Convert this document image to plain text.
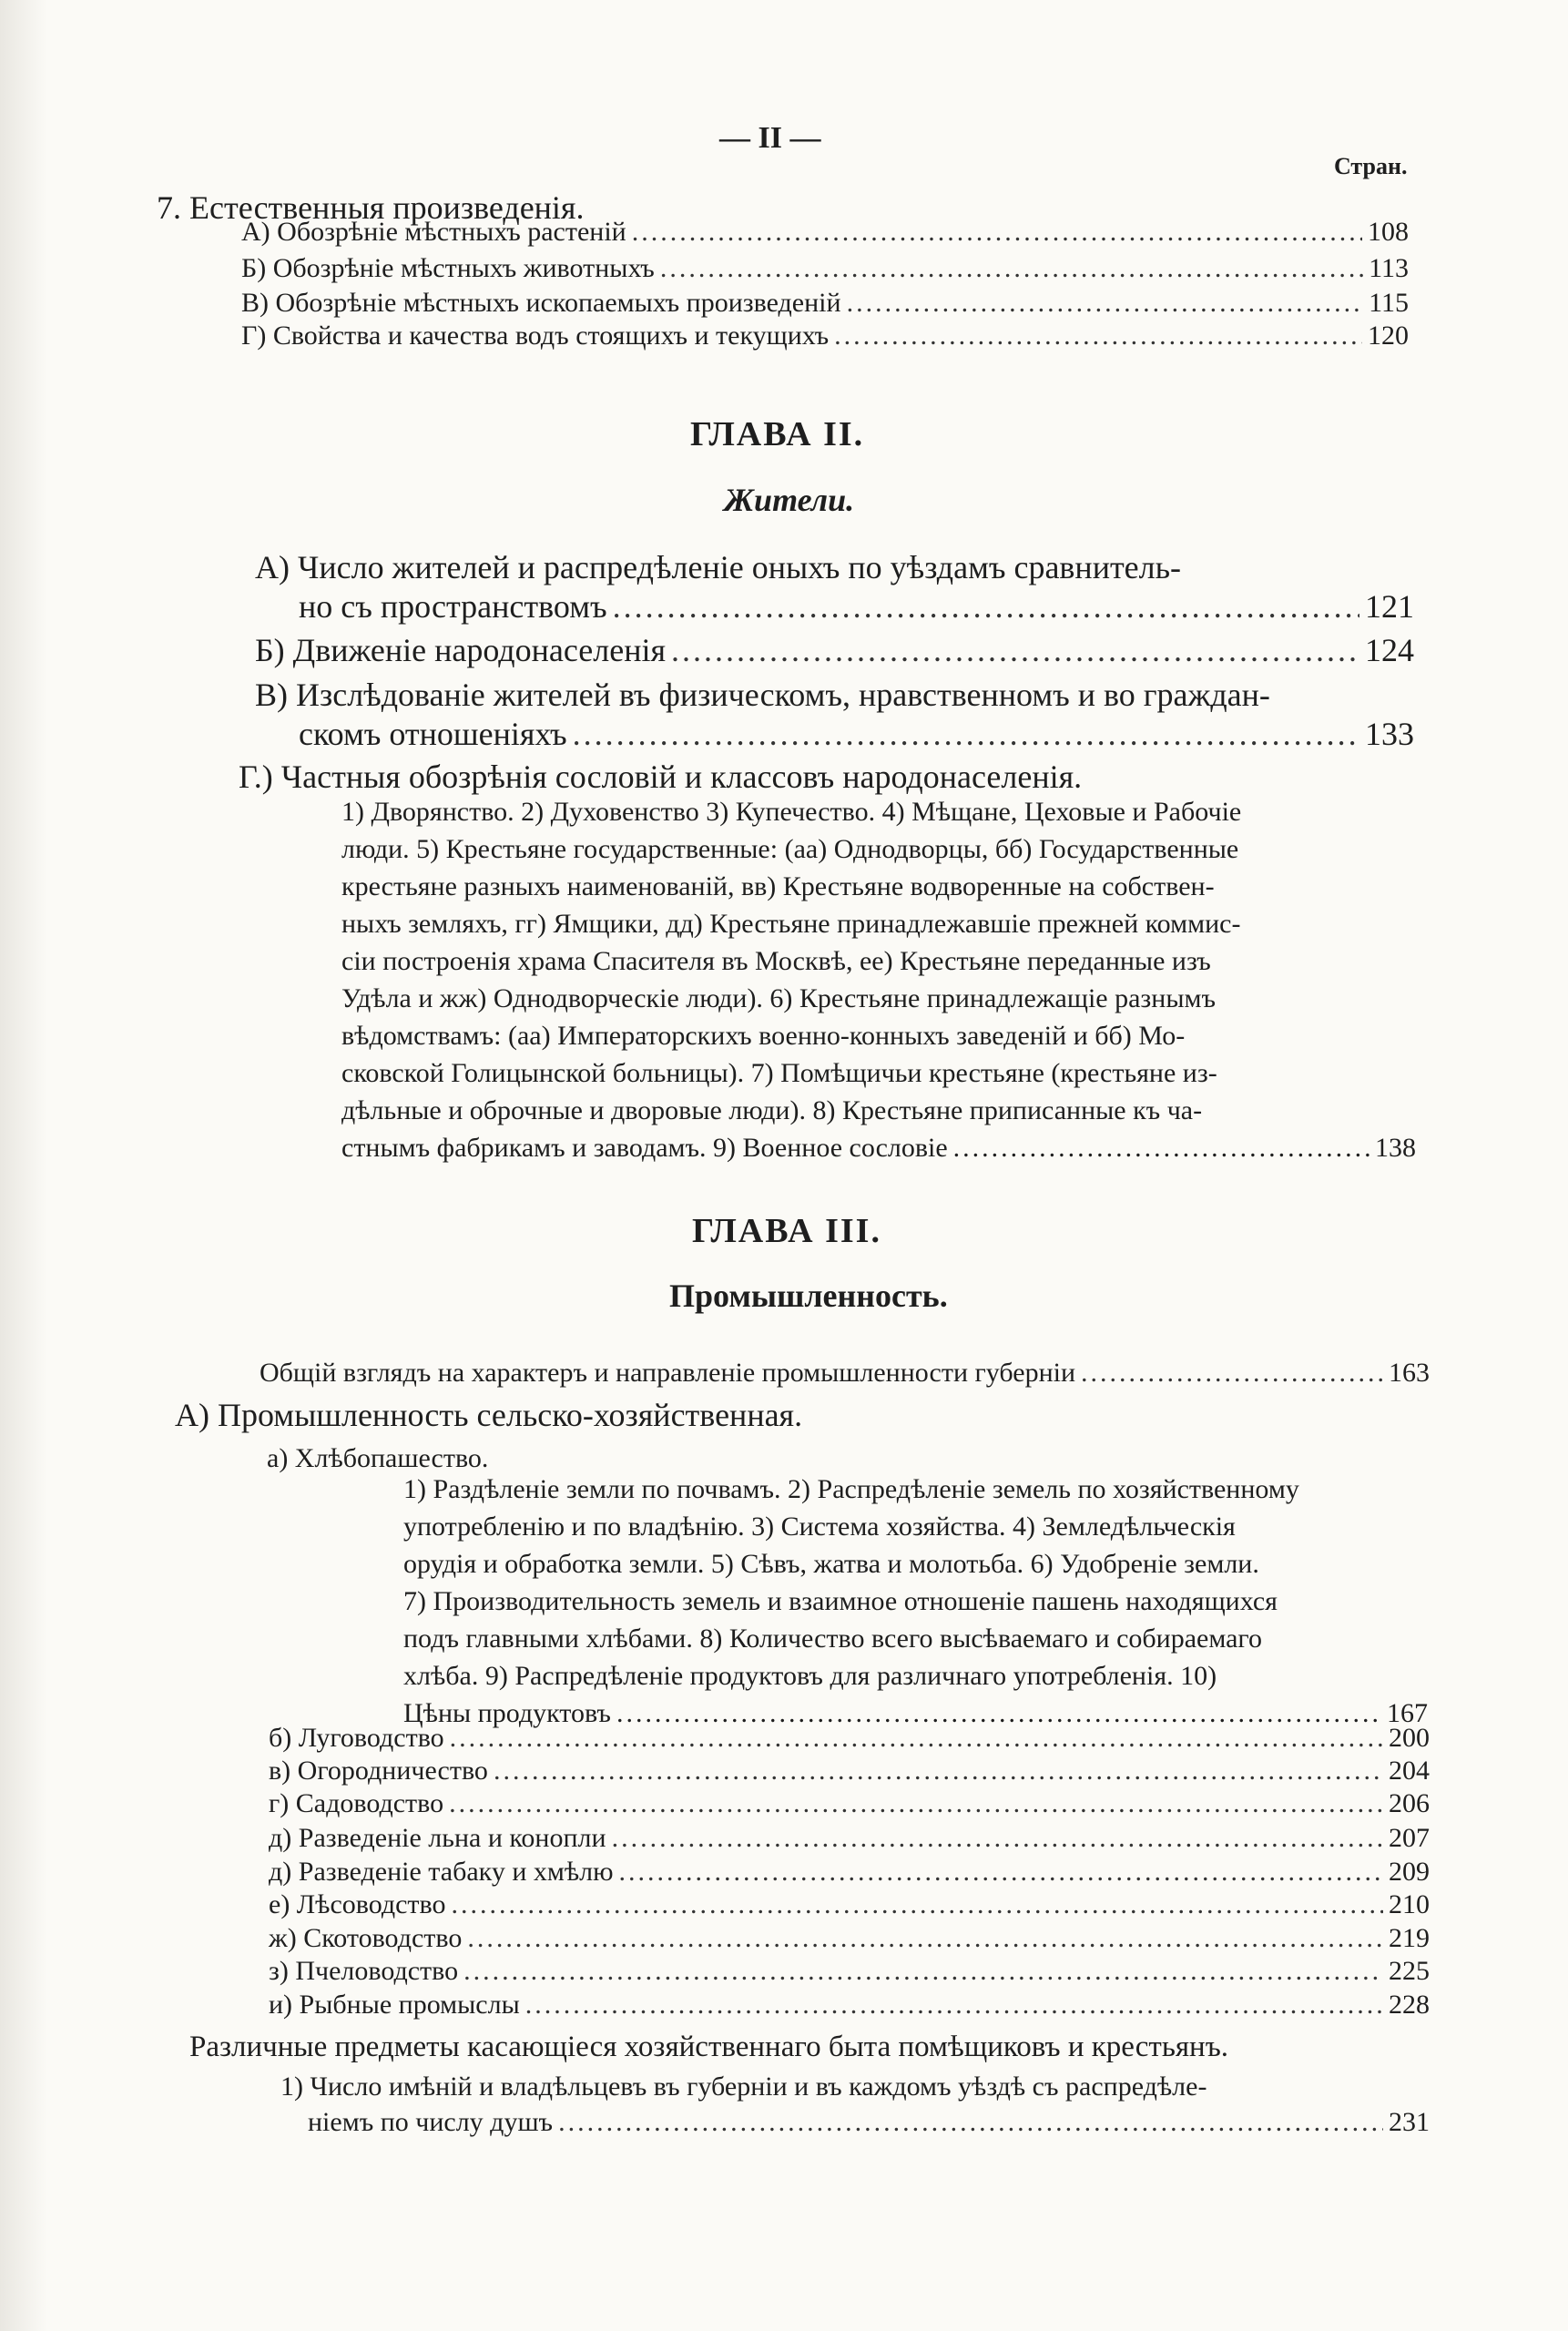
— II —
Стран.
7. Естественныя произведенія.
А) Обозрѣніе мѣстныхъ растеній .....	108
Б) Обозрѣніе мѣстныхъ животныхъ .....	113
В) Обозрѣніе мѣстныхъ ископаемыхъ произведеній .....	115
Г) Свойства и качества водъ стоящихъ и текущихъ .....	120
ГЛАВА II.
Жители.
А) Число жителей и распредѣленіе оныхъ по уѣздамъ сравнитель-
но съ пространствомъ .....	121
Б) Движеніе народонаселенія .....	124
В) Изслѣдованіе жителей въ физическомъ, нравственномъ и во граждан-
скомъ отношеніяхъ .....	133
Г.) Частныя обозрѣнія сословій и классовъ народонаселенія.
1) Дворянство. 2) Духовенство 3) Купечество. 4) Мѣщане, Цеховые и Рабочіе
люди. 5) Крестьяне государственные: (аа) Однодворцы, бб) Государственные
крестьяне разныхъ наименованій, вв) Крестьяне водворенные на собствен-
ныхъ земляхъ, гг) Ямщики, дд) Крестьяне принадлежавшіе прежней коммис-
сіи построенія храма Спасителя въ Москвѣ, ее) Крестьяне переданные изъ
Удѣла и жж) Однодворческіе люди). 6) Крестьяне принадлежащіе разнымъ
вѣдомствамъ: (аа) Императорскихъ военно-конныхъ заведеній и бб) Мо-
сковской Голицынской больницы). 7) Помѣщичьи крестьяне (крестьяне из-
дѣльные и оброчные и дворовые люди). 8) Крестьяне приписанные къ ча-
стнымъ фабрикамъ и заводамъ. 9) Военное сословіе .....	138
ГЛАВА III.
Промышленность.
Общій взглядъ на характеръ и направленіе промышленности губерніи .....	163
А) Промышленность сельско-хозяйственная.
а) Хлѣбопашество.
1) Раздѣленіе земли по почвамъ. 2) Распредѣленіе земель по хозяйственному
употребленію и по владѣнію. 3) Система хозяйства. 4) Земледѣльческія
орудія и обработка земли. 5) Сѣвъ, жатва и молотьба. 6) Удобреніе земли.
7) Производительность земель и взаимное отношеніе пашень находящихся
подъ главными хлѣбами. 8) Количество всего высѣваемаго и собираемаго
хлѣба. 9) Распредѣленіе продуктовъ для различнаго употребленія. 10)
Цѣны продуктовъ .....	167
б) Луговодство .....	200
в) Огородничество .....	204
г) Садоводство .....	206
д) Разведеніе льна и конопли .....	207
д) Разведеніе табаку и хмѣлю .....	209
е) Лѣсоводство .....	210
ж) Скотоводство .....	219
з) Пчеловодство .....	225
и) Рыбные промыслы .....	228
Различные предметы касающіеся хозяйственнаго быта помѣщиковъ и крестьянъ.
1) Число имѣній и владѣльцевъ въ губерніи и въ каждомъ уѣздѣ съ распредѣле-
ніемъ по числу душъ .....	231
